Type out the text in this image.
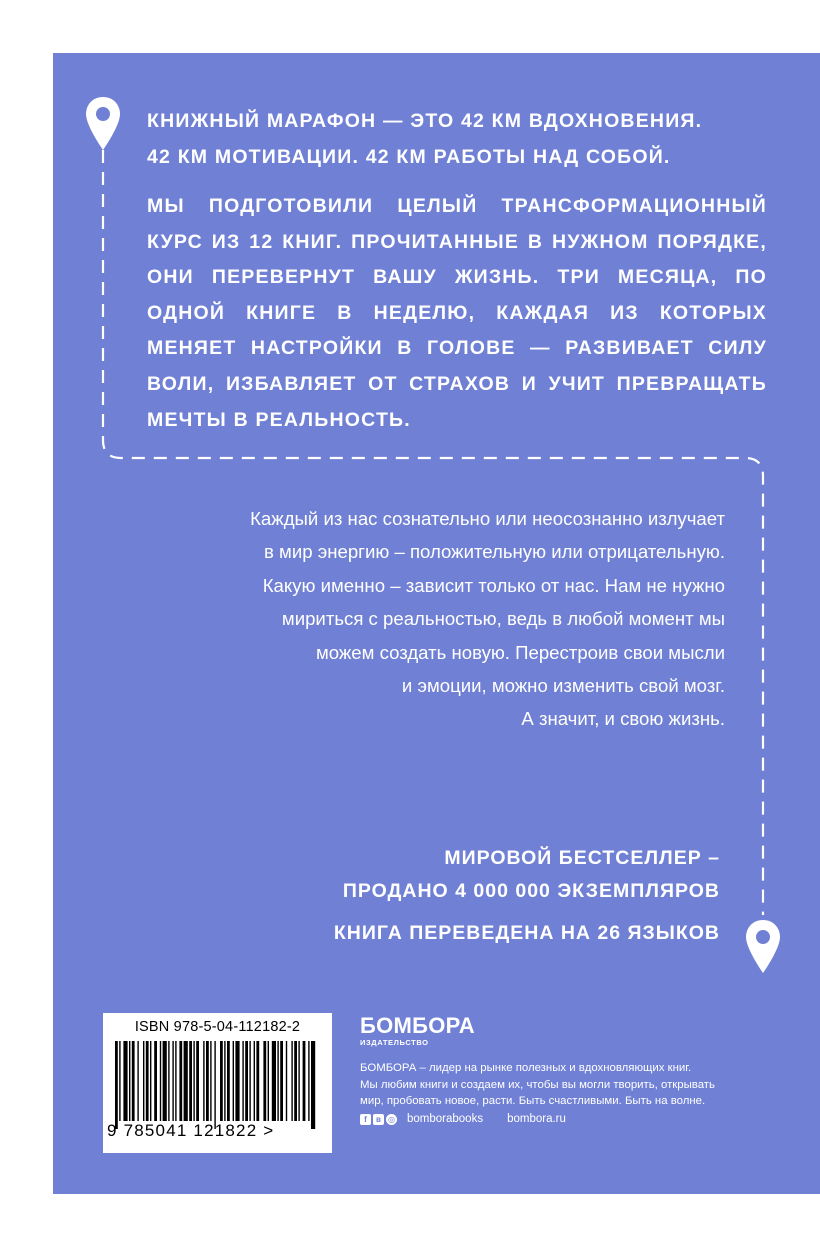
КНИЖНЫЙ МАРАФОН — ЭТО 42 КМ ВДОХНОВЕНИЯ.
42 КМ МОТИВАЦИИ. 42 КМ РАБОТЫ НАД СОБОЙ.

МЫ ПОДГОТОВИЛИ ЦЕЛЫЙ ТРАНСФОРМАЦИОННЫЙ КУРС ИЗ 12 КНИГ. ПРОЧИТАННЫЕ В НУЖНОМ ПОРЯДКЕ, ОНИ ПЕРЕВЕРНУТ ВАШУ ЖИЗНЬ. ТРИ МЕСЯЦА, ПО ОДНОЙ КНИГЕ В НЕДЕЛЮ, КАЖДАЯ ИЗ КОТОРЫХ МЕНЯЕТ НАСТРОЙКИ В ГОЛОВЕ — РАЗВИВАЕТ СИЛУ ВОЛИ, ИЗБАВЛЯЕТ ОТ СТРАХОВ И УЧИТ ПРЕВРАЩАТЬ МЕЧТЫ В РЕАЛЬНОСТЬ.

Каждый из нас сознательно или неосознанно излучает
в мир энергию – положительную или отрицательную.
Какую именно – зависит только от нас. Нам не нужно
мириться с реальностью, ведь в любой момент мы
можем создать новую. Перестроив свои мысли
и эмоции, можно изменить свой мозг.
А значит, и свою жизнь.
МИРОВОЙ БЕСТСЕЛЛЕР –
ПРОДАНО 4 000 000 ЭКЗЕМПЛЯРОВ
КНИГА ПЕРЕВЕДЕНА НА 26 ЯЗЫКОВ
ISBN 978-5-04-112182-2
9 785041 121822 >
БОМБОРА
ИЗДАТЕЛЬСТВО
БОМБОРА – лидер на рынке полезных и вдохновляющих книг.
Мы любим книги и создаем их, чтобы вы могли творить, открывать
мир, пробовать новое, расти. Быть счастливыми. Быть на волне.
f	в ◎ bomborabooks bombora.ru
